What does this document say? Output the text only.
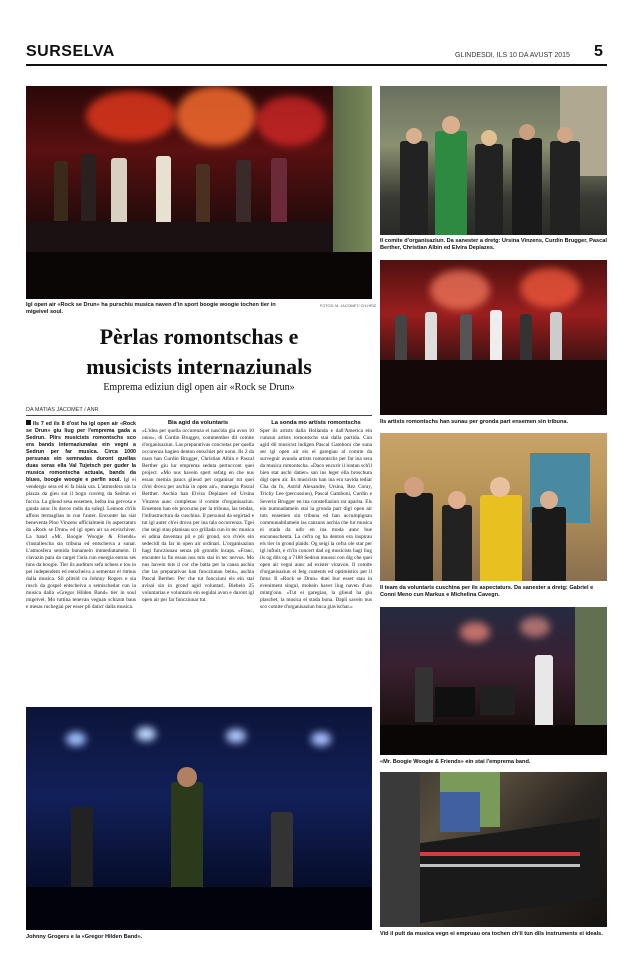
SURSELVA	GLINDESDI, ILS 10 DA AVUST 2015 5
Igl open air «Rock se Drun» ha purschiu musica naven d'in sport boogie woogie tochen tier in migeivel soul.
FOTOS: M. JACOMET/ CH.HRIZ
Il comite d'organisaziun. Da sanester a dretg: Ursina Vinzens, Curdin Brugger, Pascal Berther, Christian Albin ed Elvira Deplazes.
Ils artists romontschs han sunau per gronda part ensemen sin tribuna.
Il team da voluntaris cuschina per ils aspectaturs. Da sanester a dretg: Gabriel e Conni Meno cun Markus e Michelina Cavegn.
«Mr. Boogie Woogie & Friends» ein stai l'emprema band.
Johnny Grogers e la «Gregor Hilden Band».	Vid il pult da musica vegn ei empruau ora tochen ch'il tun dils instruments ei ideals.
Pèrlas romontschas e
musicists internaziunals
Emprema ediziun digl open air «Rock se Drun»
DA MATIAS JACOMET / ANR

Ils 7 ed ils 8 d'ost ha igl open air «Rock se Drun» giu liug per l'emprema gada a Sedrun. Plirs musicists romontschs sco era bands internaziunalas ein vegni a Sedrun per far musica. Circa 1000 persunas ein semnadas duront quellas duas seras ella Val Tujetsch per guder la musica romontscha actuala, bands da blues, boogie woogie e perfin soul. Igl ei vendergis sera ed ei fa biala ura. L'atmosfera sin la plazza da gieu sut il bogn cuvretg da Sedrun ei fuccia. La glieud sesa ensemen, beiba ina gervosa e gauda aunc ils davos radis da sulegl. Lennon ch'ils affons termaglian in cun l'auter. Encunter las siat beneventa Pino Vinzens ufficialmein ils aspectaturs da «Rock se Drun» ed igl open air sa envischiver. La band «Mr. Boogie Woogie & Friends» s'installescha sin tribuna ed entscheiva a sunar. L'atmosfera semida bunamein immediatamein. Il clavazin para da carger l'aria cun energia entras ses tuns da boogie. Tier ils auditurs sefa nchess e lou in pei independent ed entscheiva a sementar el ritmus dalla musica. Sil plitsid cu Johnny Rogers e sia rusch da gospel entscheiva a semischedar cun la musica dalla «Gregor Hilden Band» tier in soul migeivel. Mo tuttina tenevan vegnan schizun baus e mesas ruchegiai per esser pli daticr dalla musica.

Bia agid da voluntaris

«L'idea per quella occurenza ei nascida gia avon 10 onns», di Curdin Brugger, commember dil comite d'organisaziun. Las preparativas concretas per quella occurenza hagien denton entschiet pér uonn. Ils 2 da mars han Curdin Brugger, Christian Albin e Pascal Berther giu lur emprema seduta pertuccont quei project. «Mo nus havein spert sefatg en che nus essan memia paucs glieud per organisar tut quei ch'ei drova per aschia in open air», manegia Pascal Berther. Aschia han Elvira Deplazes ed Ursina Vinzens aunc cumpletau il comite d'organisaziun. Ensemen han els procurau per la tribuna, las tendas, l'infrastructura da cuschina. Il persunal da segirtad e tut igl auter ch'ei drova per ina tala occurrenza. Tgei che seigi stau planisau sco grillada cun in tec musica ei adina daventau pli e pli grond, sco ch'els ein sedecidi da far in open air ordinari. L'organisaziun hagi funcziunau senza pli grondis incaps. «Franc, encunter la fin essan nus tuts stai in tec nervus. Mo nus havein tuts il cor che batta per la causa aschia che las preparativas han funcziunau bein», aschia Pascal Berther. Per che tut funcziuni els ein stai avisai sin in grond agid voluntari. Biebein 25 voluntarias e voluntaris ein segidai avon e duront igl open air per far funcziunar tut.

La sonda mo artists romontschs

Sper ils artists dalla Hollanda e dall'America ein cunzun artists romontschs stai dalla partida. Cun agid dil musicist indigen Pascal Gamboni che suna ser igl open air eis el garegiau al comite da survegnir avunda artists romontschs per far ina sera da musica romontscha. «Daco encurir il lontan sch'il bien stat aschi datier» san ins leger ella broschura digl open air. Ils musicists han ina era savida tediar Cha da fo, Astrid Alexandre, Ursina, Rez Coray, Trichy Lee (percussiun), Pascal Gamboni, Curdin e Severin Brugger en ina constellaziun rar aparita. Els ein numnadamein stai la gronda part digl open air tuts ensemen sin tribuna ed han accumpignau communabilamein las canzuns aschia che lur musica ei stada da udir en ina moda aunc bue encunuschenta. La cefra og ha denton era inspirau els tier in grond plaids. Og seigi la cefra ole star per igl infinit, e ch'in concert dad og musicists hagi liug ils og dils og a 7188 Sedrun muossi con dig che quei open air vegni aunc ad exister vinavon. Il comite d'organisaziun ei fetg cuntents ed optimistics per il futur. Il «Rock se Drun» duei buc esser stau in eveniment singul, mobein haver liug naven d'uss mintg'onn. «Tut ei garegiau, la glieud ha giu plaschet, la musica ei stada buna. Dapli savein nus sco comite d'organisaziun buca giavischar.»
